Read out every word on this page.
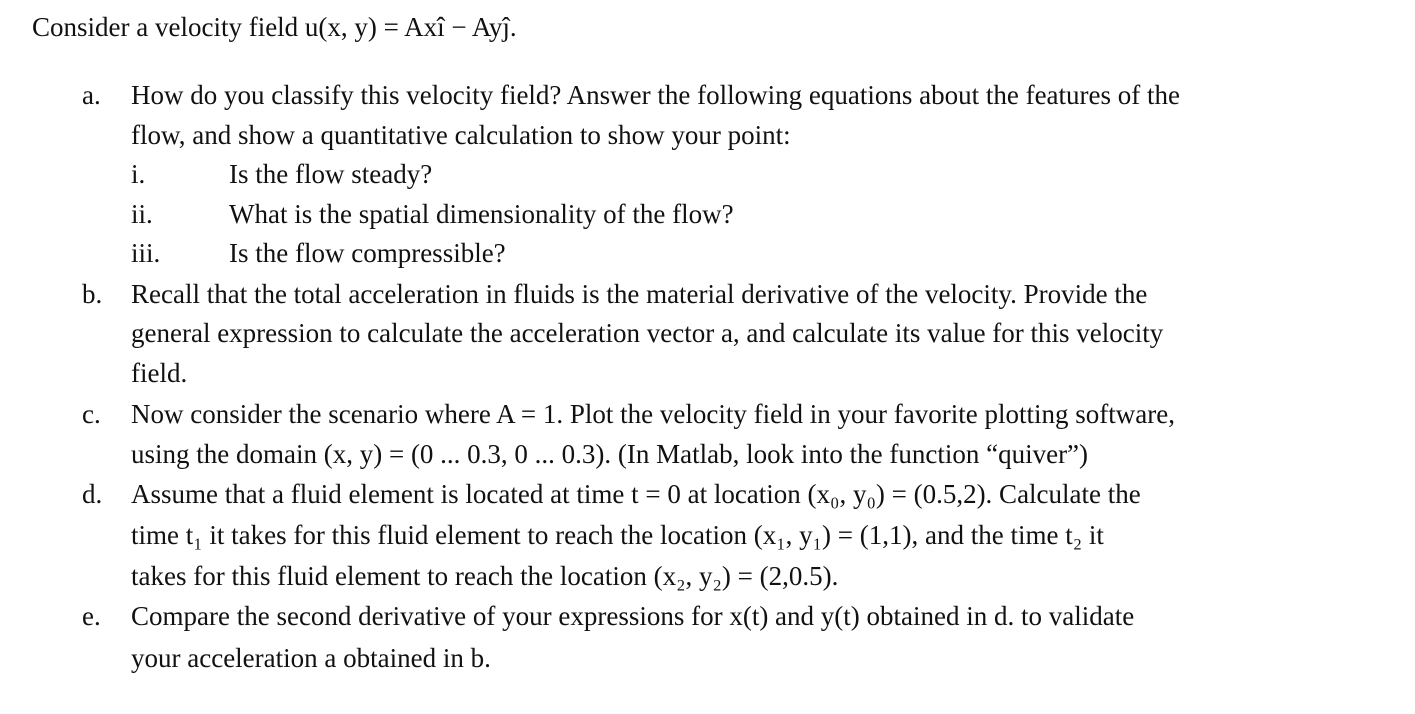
Consider a velocity field u(x, y) = Axî − Ayĵ.
a. How do you classify this velocity field? Answer the following equations about the features of the
flow, and show a quantitative calculation to show your point:
i.	Is the flow steady?
ii.	What is the spatial dimensionality of the flow?
iii.	Is the flow compressible?
b. Recall that the total acceleration in fluids is the material derivative of the velocity. Provide the
general expression to calculate the acceleration vector a, and calculate its value for this velocity
field.
c. Now consider the scenario where A = 1. Plot the velocity field in your favorite plotting software,
using the domain (x, y) = (0 ... 0.3, 0 ... 0.3). (In Matlab, look into the function “quiver”)
d. Assume that a fluid element is located at time t = 0 at location (x₀, y₀) = (0.5,2). Calculate the
time t₁ it takes for this fluid element to reach the location (x₁, y₁) = (1,1), and the time t₂ it
takes for this fluid element to reach the location (x₂, y₂) = (2,0.5).
e. Compare the second derivative of your expressions for x(t) and y(t) obtained in d. to validate
your acceleration a obtained in b.
